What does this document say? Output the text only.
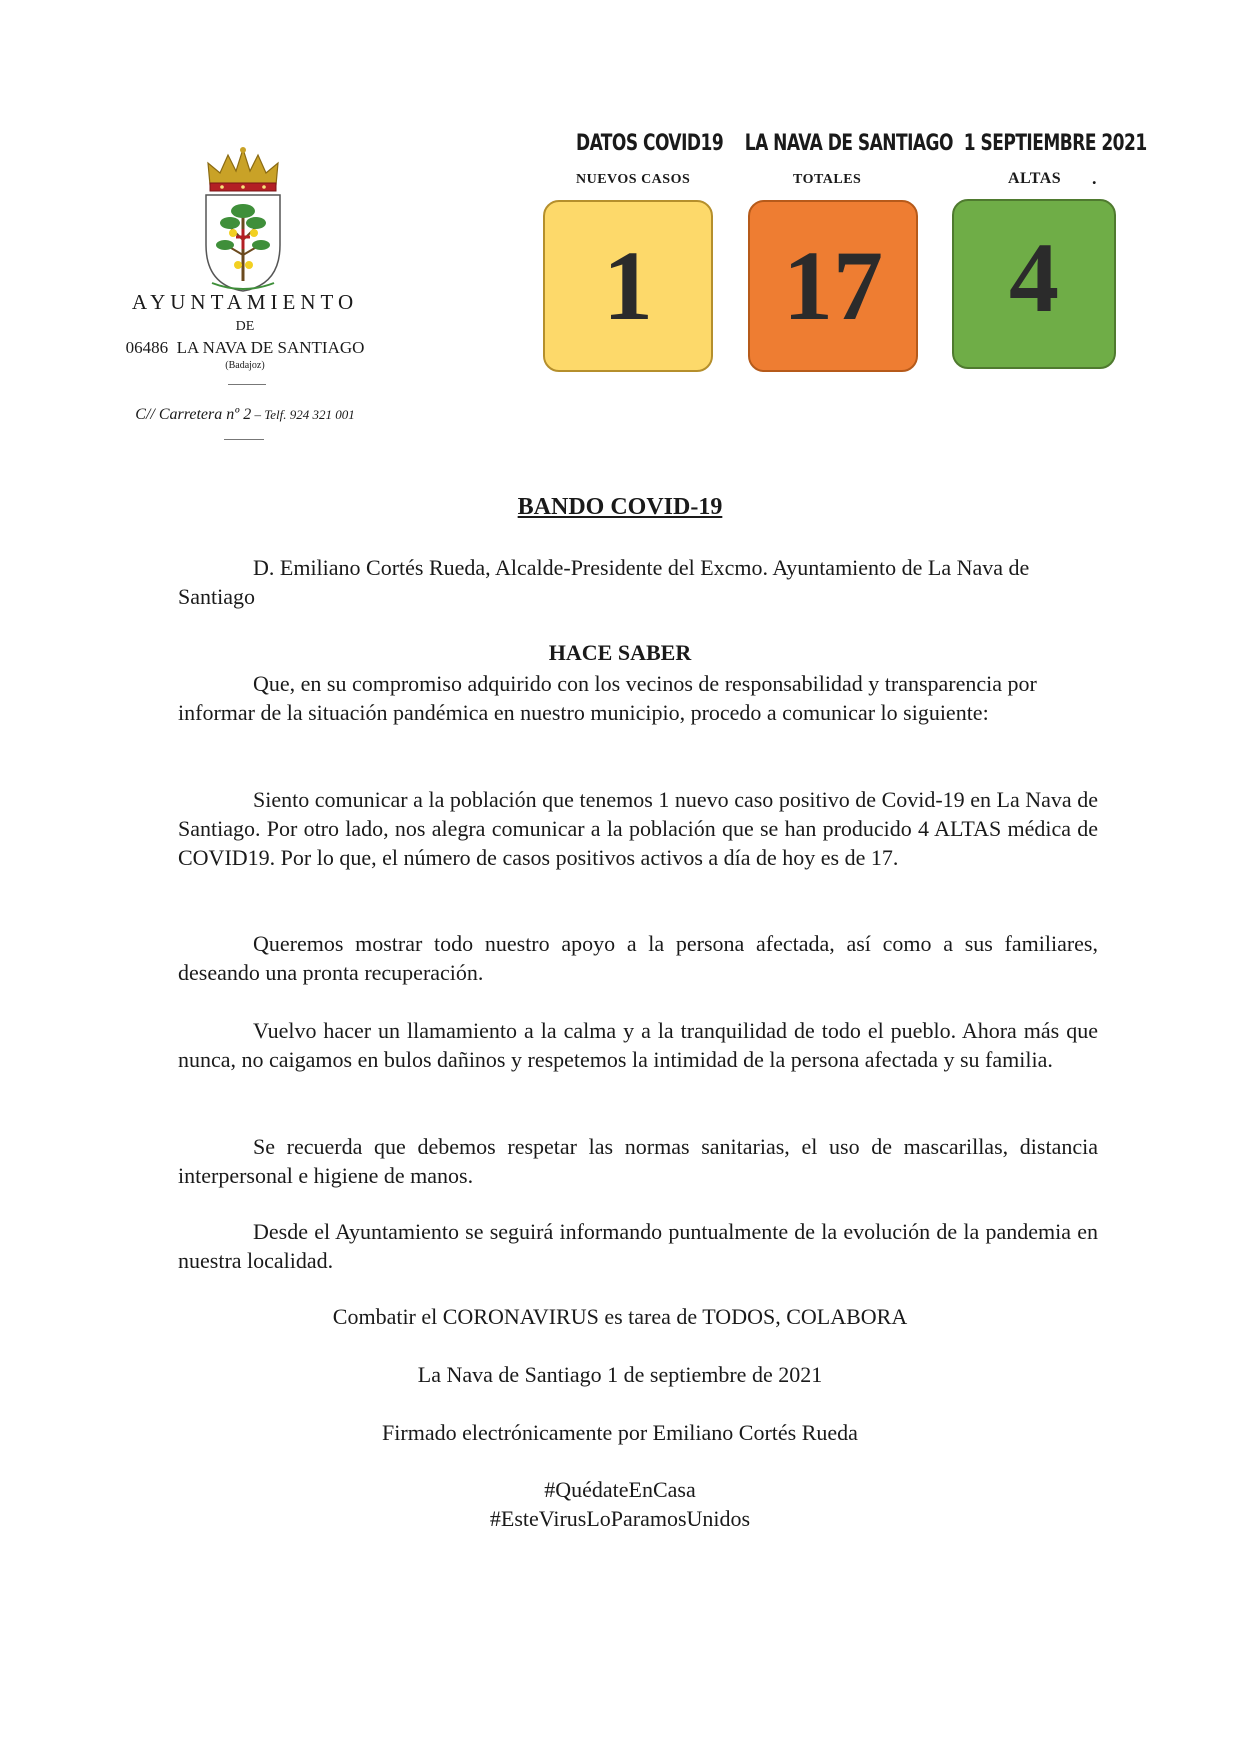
AYUNTAMIENTO
DE
06486  LA NAVA DE SANTIAGO
(Badajoz)
C// Carretera nº 2 – Telf. 924 321 001
DATOS COVID19    LA NAVA DE SANTIAGO  1 SEPTIEMBRE 2021
NUEVOS CASOS	TOTALES	ALTAS .
1	17	4
BANDO COVID-19
D. Emiliano Cortés Rueda, Alcalde-Presidente del Excmo. Ayuntamiento de La Nava de Santiago
HACE SABER
Que, en su compromiso adquirido con los vecinos de responsabilidad y transparencia por informar de la situación pandémica en nuestro municipio, procedo a comunicar lo siguiente:
Siento comunicar a la población que tenemos 1 nuevo caso positivo de Covid-19 en La Nava de Santiago. Por otro lado, nos alegra comunicar a la población que se han producido 4 ALTAS médica de COVID19. Por lo que, el número de casos positivos activos a día de hoy es de 17.
Queremos mostrar todo nuestro apoyo a la persona afectada, así como a sus familiares, deseando una pronta recuperación.
Vuelvo hacer un llamamiento a la calma y a la tranquilidad de todo el pueblo. Ahora más que nunca, no caigamos en bulos dañinos y respetemos la intimidad de la persona afectada y su familia.
Se recuerda que debemos respetar las normas sanitarias, el uso de mascarillas, distancia interpersonal e higiene de manos.
Desde el Ayuntamiento se seguirá informando puntualmente de la evolución de la pandemia en nuestra localidad.
Combatir el CORONAVIRUS es tarea de TODOS, COLABORA
La Nava de Santiago 1 de septiembre de 2021
Firmado electrónicamente por Emiliano Cortés Rueda
#QuédateEnCasa
#EsteVirusLoParamosUnidos
